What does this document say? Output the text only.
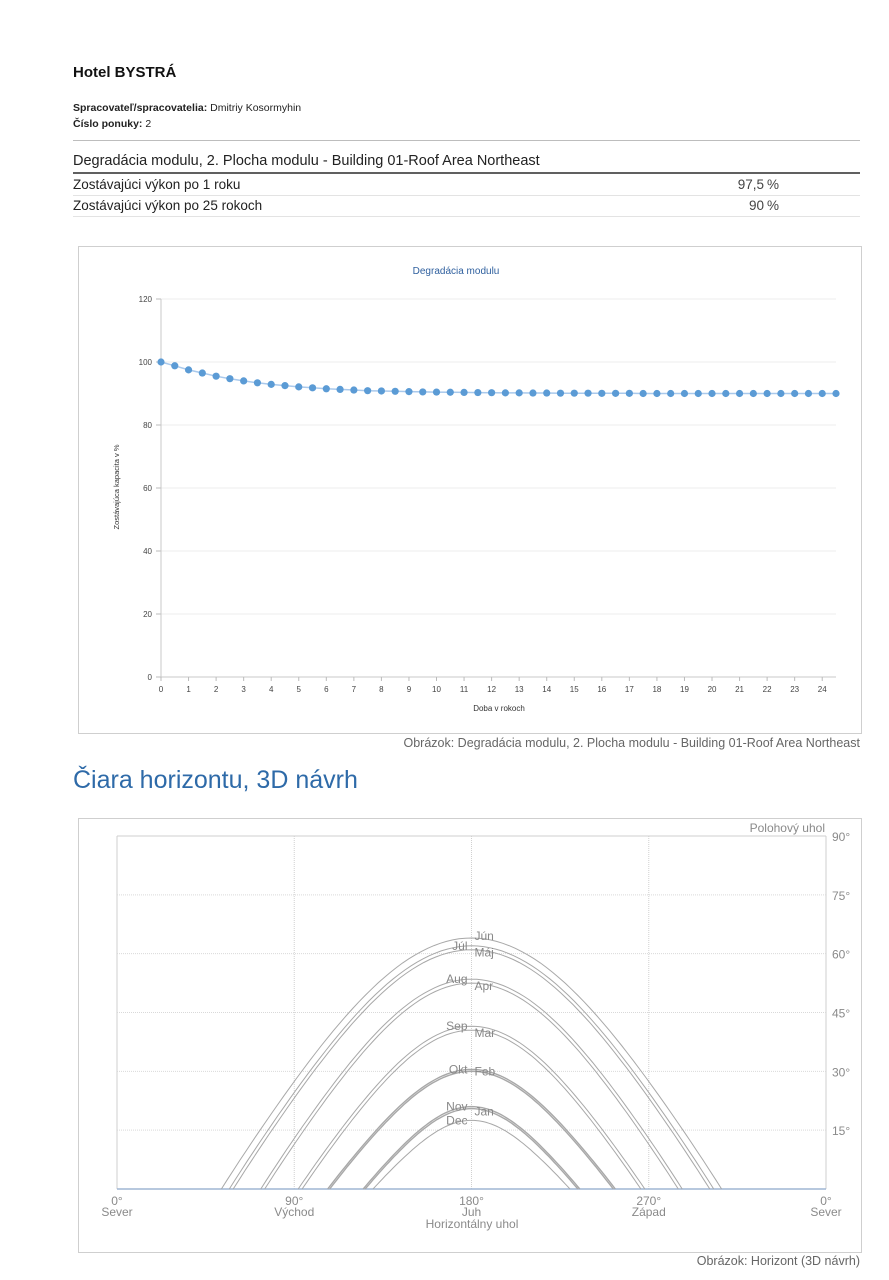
Hotel BYSTRÁ
Spracovateľ/spracovatelia: Dmitriy Kosormyhin
Číslo ponuky: 2
Degradácia modulu, 2. Plocha modulu - Building 01-Roof Area Northeast
Zostávajúci výkon po 1 roku	97,5 %
Zostávajúci výkon po 25 rokoch	90 %
Degradácia modulu
0
20
40
60
80
100
120
0	1	2	3	4	5	6	7	8	9	10 11 12 13 14 15 16 17 18 19 20 21 22 23 24
Zostávajúca kapacita v %
Doba v rokoch
Obrázok: Degradácia modulu, 2. Plocha modulu - Building 01-Roof Area Northeast
Čiara horizontu, 3D návrh
Jún
Júl Máj
Aug Apr
Sep Mar
Okt Feb
Nov Jan
Dec
15°
30°
45°
60°
75°
90°
0°
Sever
90°
Východ
180°
Juh
270°
Západ
0°
Sever
Polohový uhol
Horizontálny uhol
Obrázok: Horizont (3D návrh)
